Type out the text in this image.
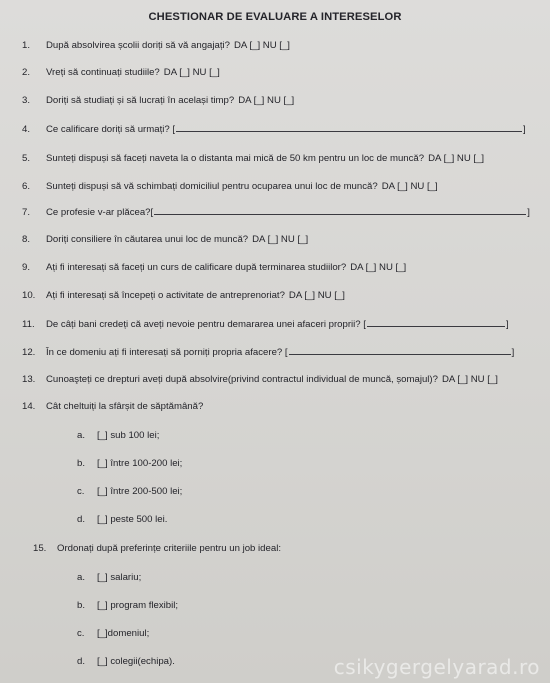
CHESTIONAR DE EVALUARE A INTERESELOR
1.	După absolvirea școlii doriți să vă angajați? DA [_] NU [_]
2.	Vreți să continuați studiile? DA [_] NU [_]
3.	Doriți să studiați și să lucrați în același timp? DA [_] NU [_]
4.	Ce calificare doriți să urmați? [	]
5.	Sunteți dispuși să faceți naveta la o distanta mai mică de 50 km pentru un loc de muncă? DA [_] NU [_]
6.	Sunteți dispuși să vă schimbați domiciliul pentru ocuparea unui loc de muncă? DA [_] NU [_]
7.	Ce profesie v-ar plăcea?[	]
8.	Doriți consiliere în căutarea unui loc de muncă? DA [_] NU [_]
9.	Ați fi interesați să faceți un curs de calificare după terminarea studiilor? DA [_] NU [_]
10.	Ați fi interesați să începeți o activitate de antreprenoriat? DA [_] NU [_]
11.	De câți bani credeți că aveți nevoie pentru demararea unei afaceri proprii? [	]
12.	În ce domeniu ați fi interesați să porniți propria afacere? [	]
13.	Cunoaşteți ce drepturi aveți după absolvire(privind contractul individual de muncă, șomajul)? DA [_] NU [_]
14.	Cât cheltuiți la sfârșit de săptămână?
a. [_] sub 100 lei;
b. [_] între 100-200 lei;
c. [_] între 200-500 lei;
d. [_] peste 500 lei.
15.	Ordonați după preferințe criteriile pentru un job ideal:
a. [_] salariu;
b. [_] program flexibil;
c. [_]domeniul;
d. [_] colegii(echipa).	csikygergelyarad.ro
